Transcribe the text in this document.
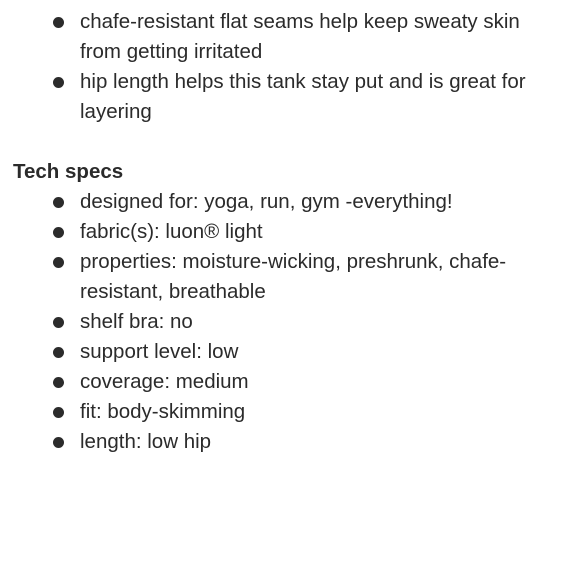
chafe-resistant flat seams help keep sweaty skin from getting irritated
hip length helps this tank stay put and is great for layering
Tech specs
designed for: yoga, run, gym -everything!
fabric(s): luon® light
properties: moisture-wicking, preshrunk, chafe-resistant, breathable
shelf bra: no
support level: low
coverage: medium
fit: body-skimming
length: low hip
